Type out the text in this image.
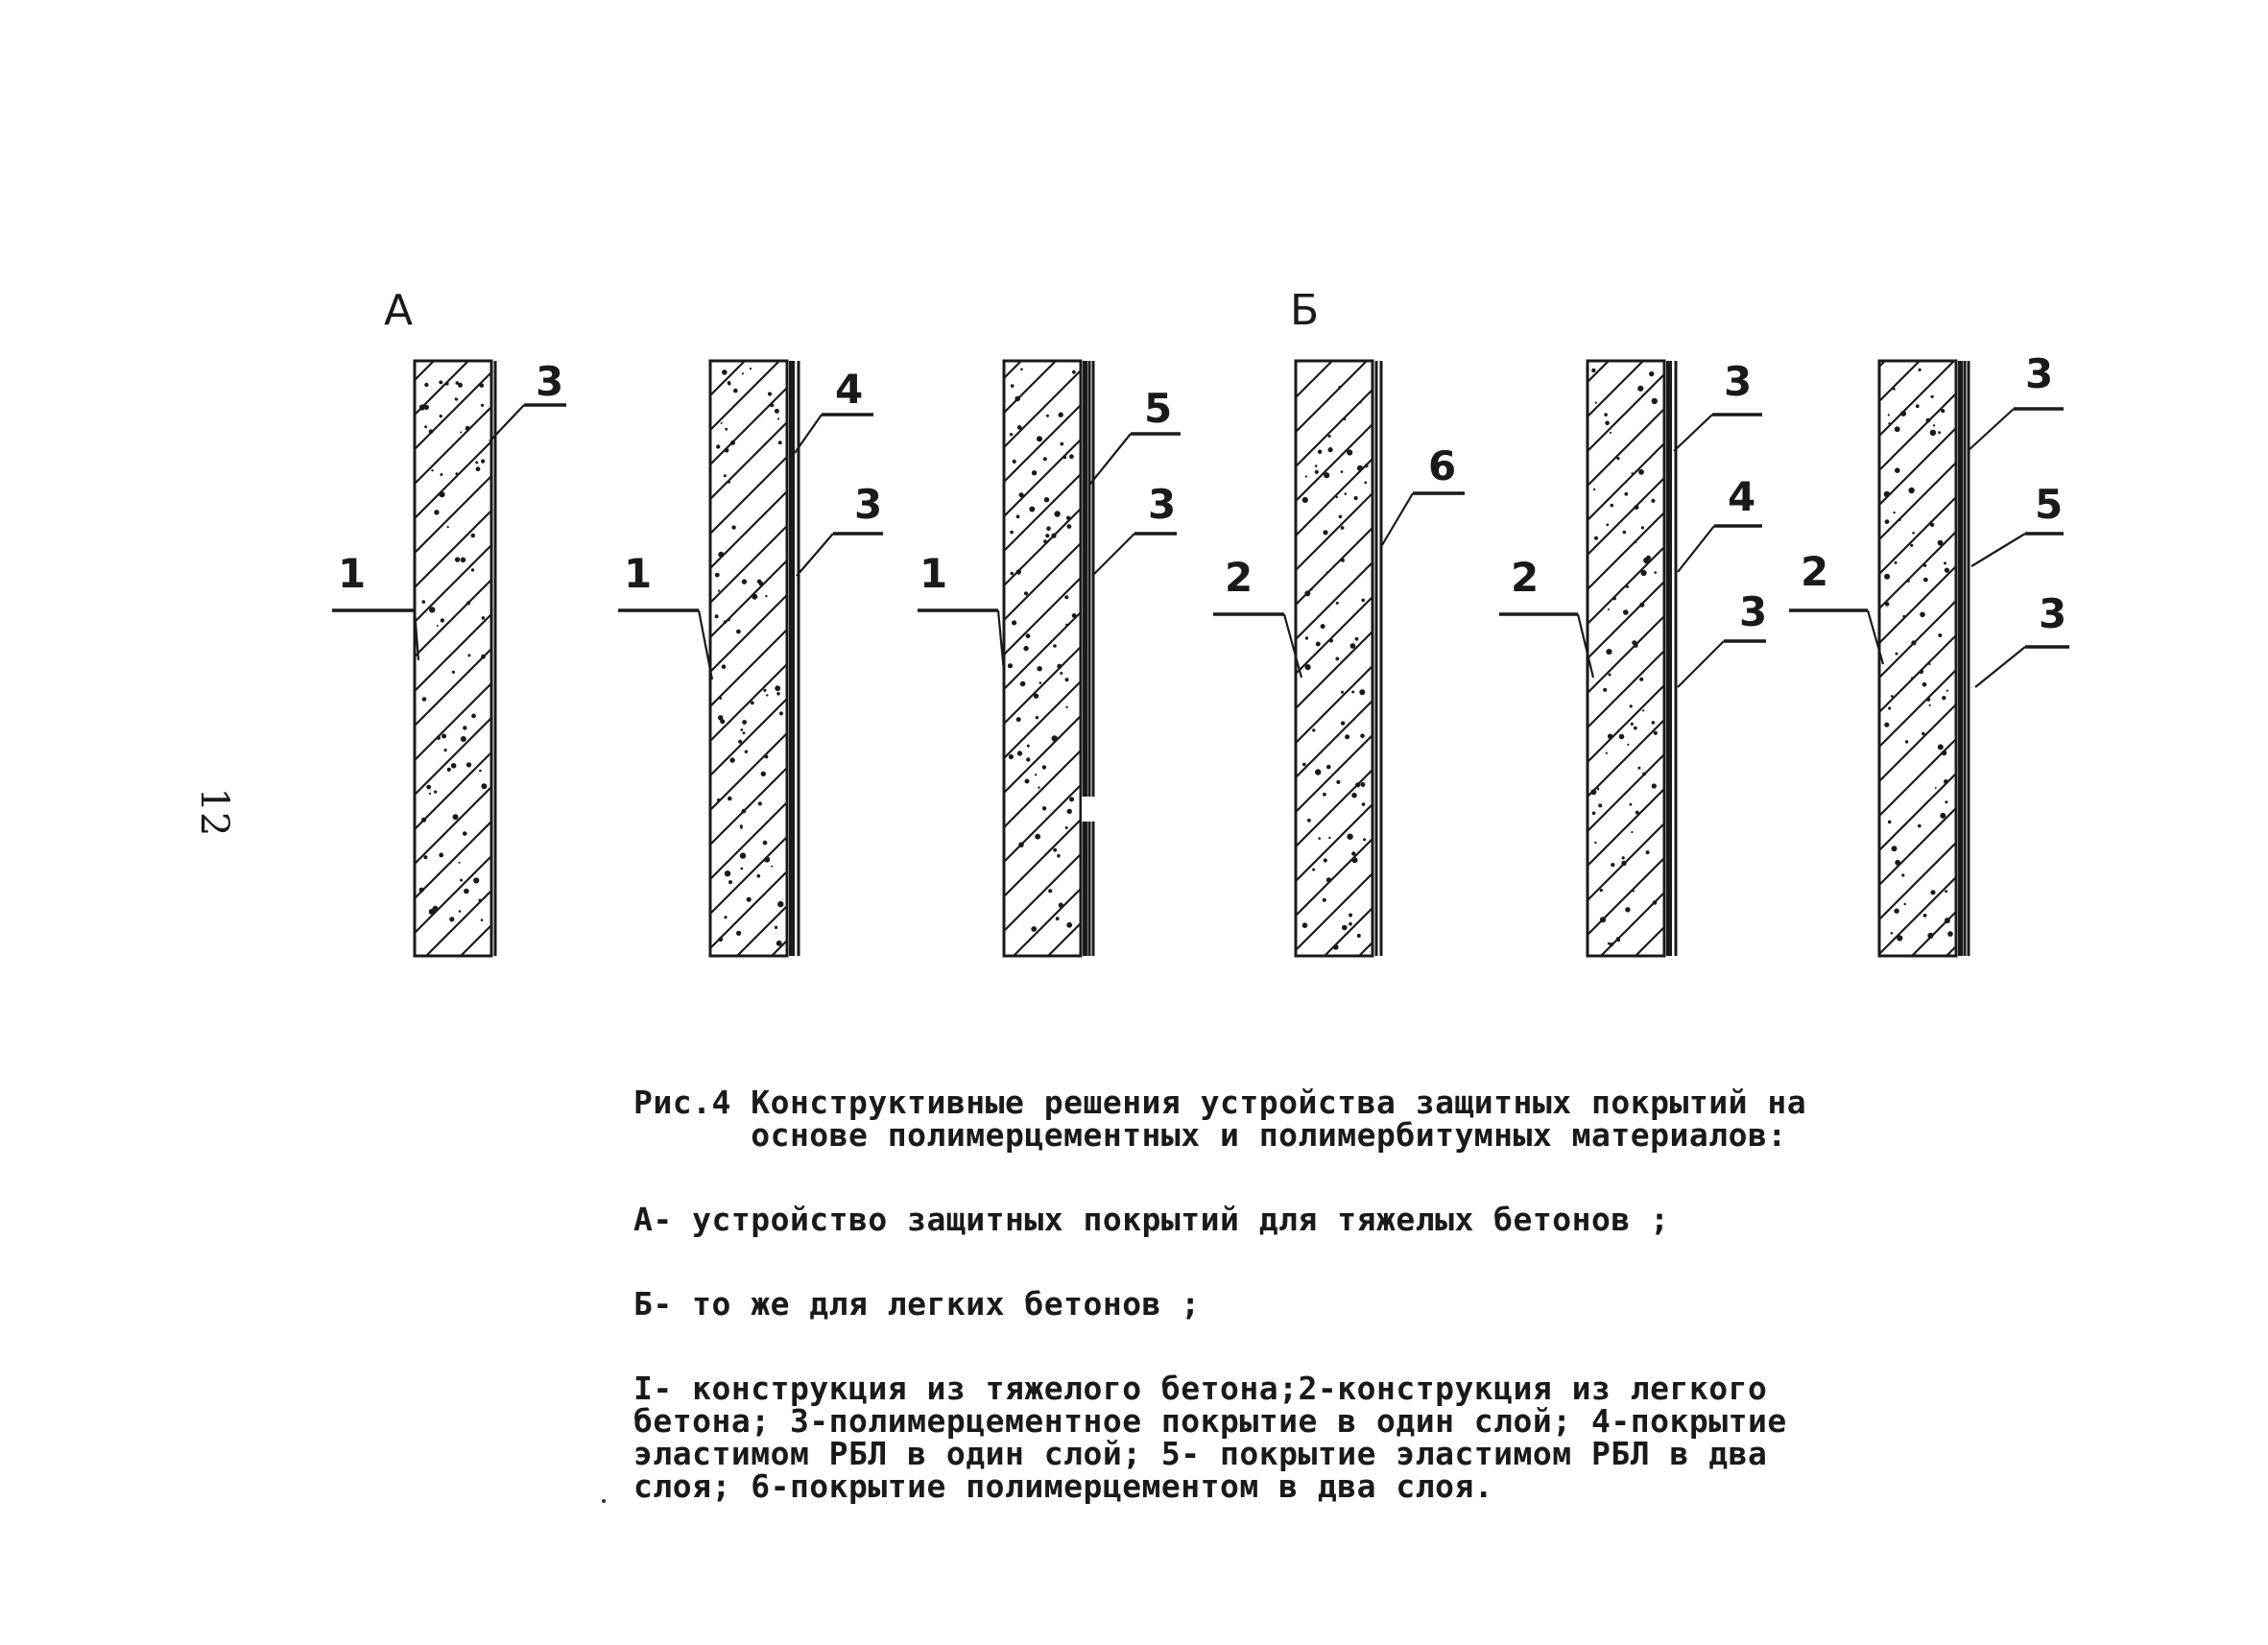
А	Б
1
3
1
4
3
1
5
3
2
6
2
3
4
3
2
3
5
3
12

Рис.4 Конструктивные решения устройства защитных покрытий на
основе полимерцементных и полимербитумных материалов:

А- устройство защитных покрытий для тяжелых бетонов ;

Б- то же для легких бетонов ;

I- конструкция из тяжелого бетона;2-конструкция из легкого
бетона; 3-полимерцементное покрытие в один слой; 4-покрытие
эластимом РБЛ в один слой; 5- покрытие эластимом РБЛ в два
слоя; 6-покрытие полимерцементом в два слоя.
